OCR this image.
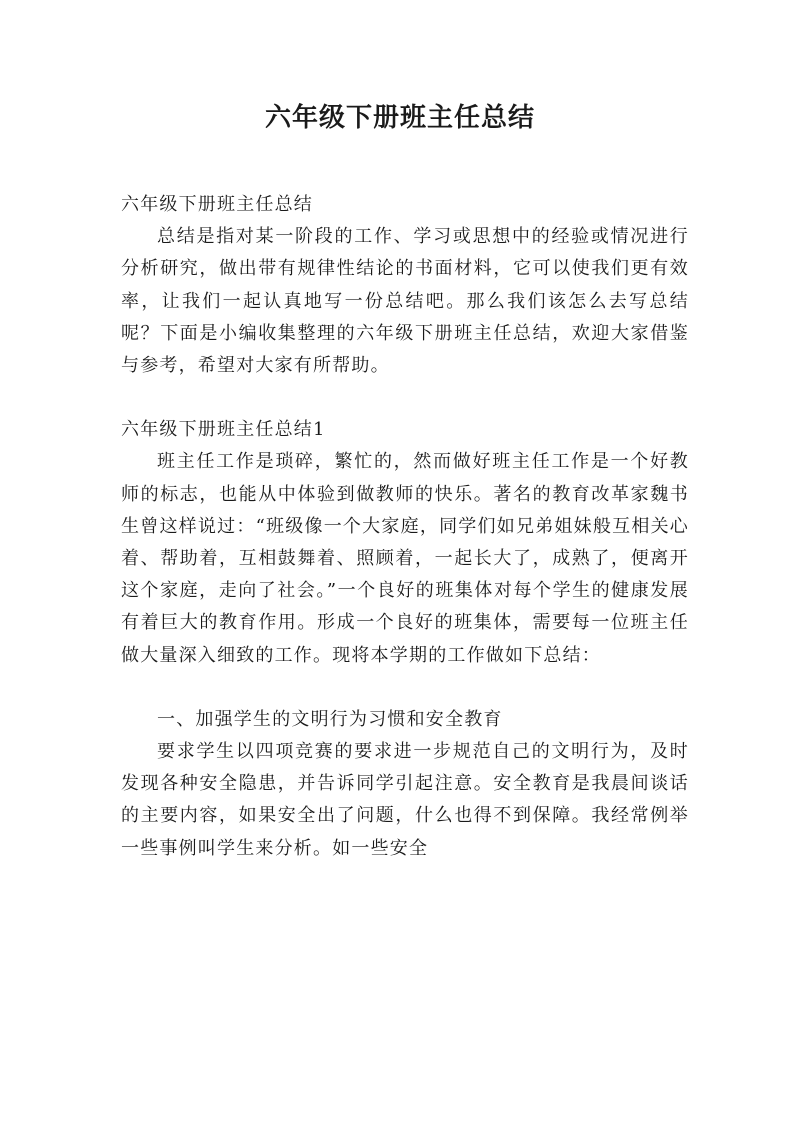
六年级下册班主任总结

六年级下册班主任总结

总结是指对某一阶段的工作、学习或思想中的经验或情况进行分析研究，做出带有规律性结论的书面材料，它可以使我们更有效率，让我们一起认真地写一份总结吧。那么我们该怎么去写总结呢？下面是小编收集整理的六年级下册班主任总结，欢迎大家借鉴与参考，希望对大家有所帮助。

六年级下册班主任总结1

班主任工作是琐碎，繁忙的，然而做好班主任工作是一个好教师的标志，也能从中体验到做教师的快乐。著名的教育改革家魏书生曾这样说过：“班级像一个大家庭，同学们如兄弟姐妹般互相关心着、帮助着，互相鼓舞着、照顾着，一起长大了，成熟了，便离开这个家庭，走向了社会。”一个良好的班集体对每个学生的健康发展有着巨大的教育作用。形成一个良好的班集体，需要每一位班主任做大量深入细致的工作。现将本学期的工作做如下总结：

一、加强学生的文明行为习惯和安全教育

要求学生以四项竞赛的要求进一步规范自己的文明行为，及时发现各种安全隐患，并告诉同学引起注意。安全教育是我晨间谈话的主要内容，如果安全出了问题，什么也得不到保障。我经常例举一些事例叫学生来分析。如一些安全
